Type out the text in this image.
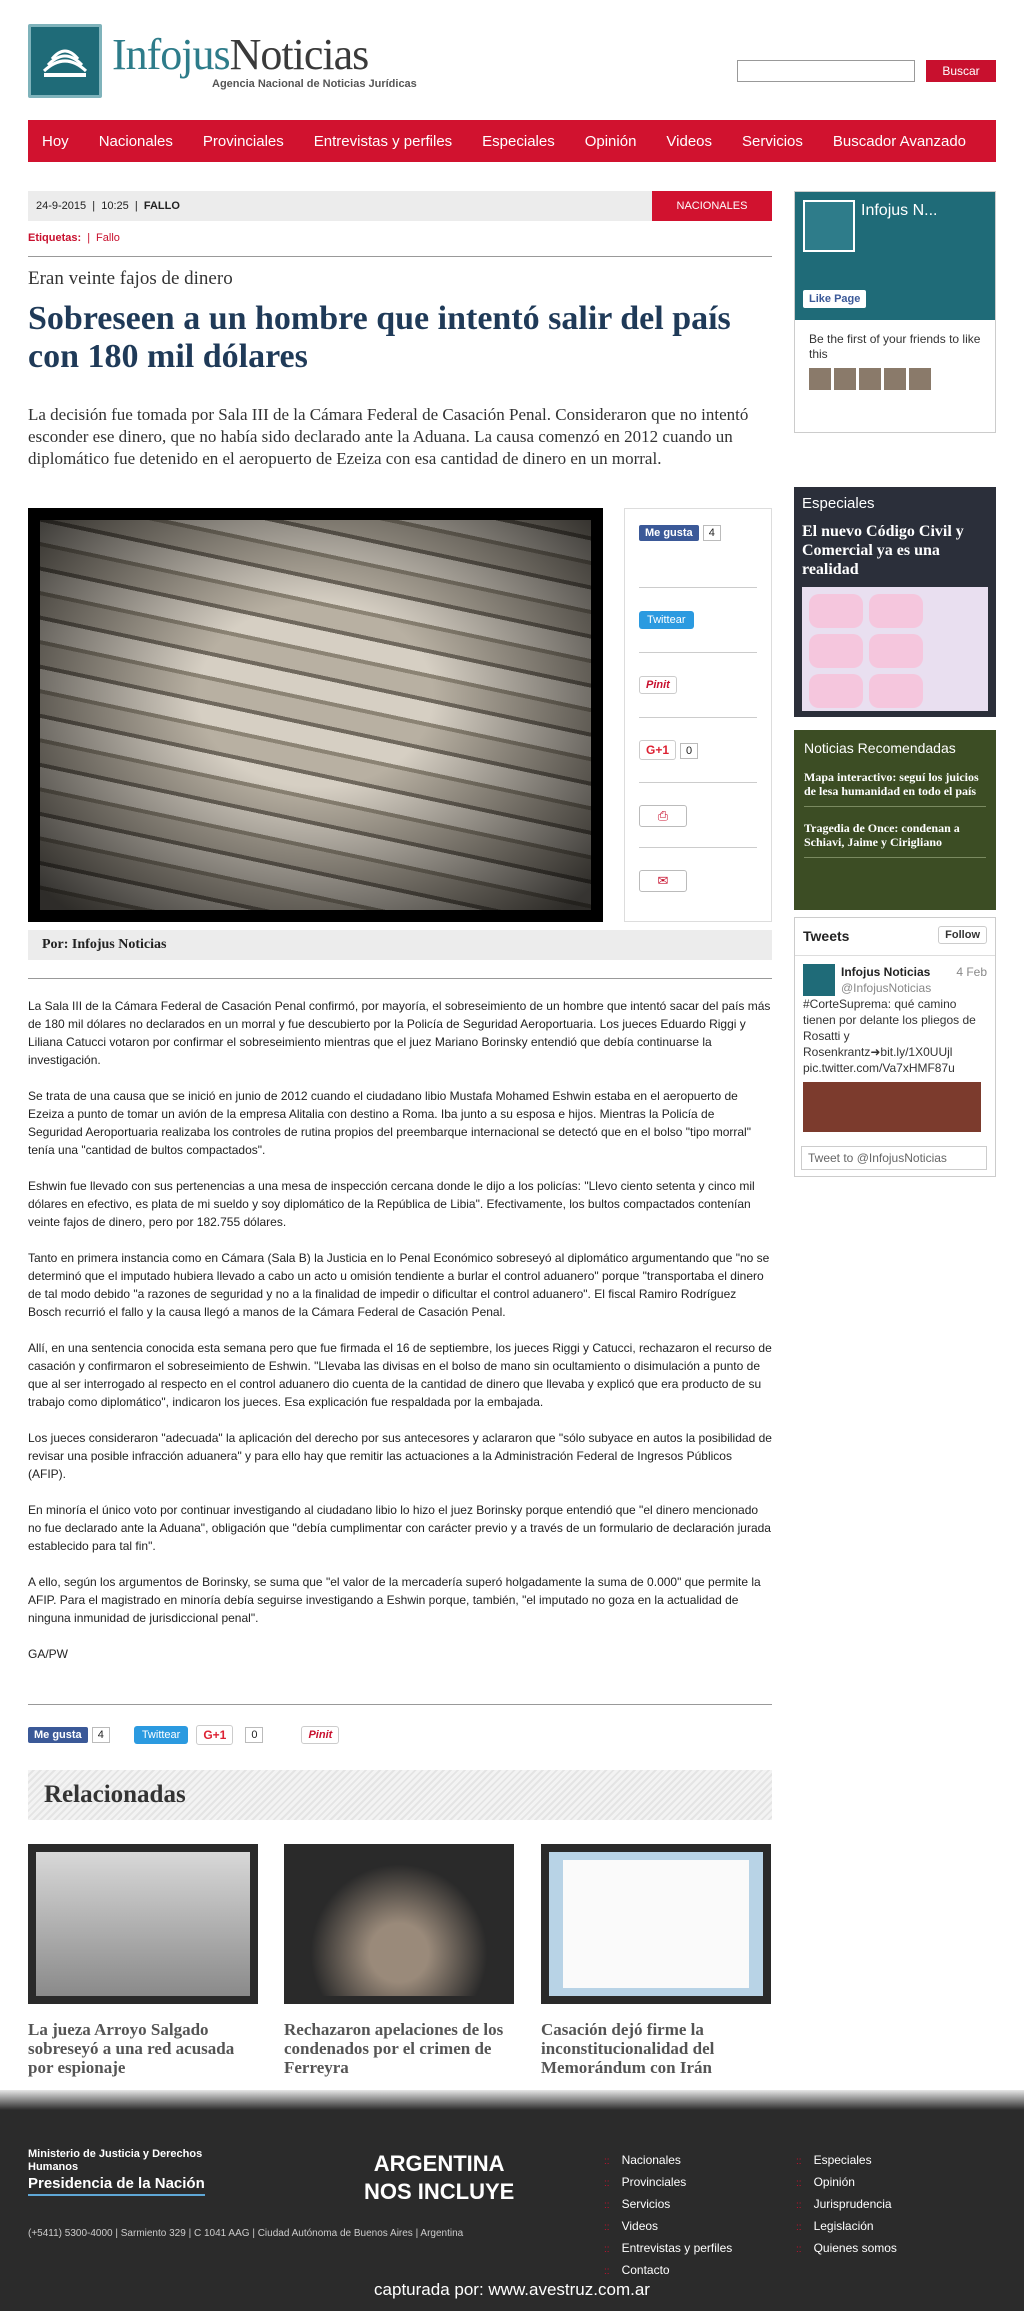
InfojusNoticias
Agencia Nacional de Noticias Jurídicas
Buscar
Hoy Nacionales Provinciales Entrevistas y perfiles Especiales Opinión Videos Servicios Buscador Avanzado
24-9-2015  |  10:25  |  FALLO	NACIONALES
Etiquetas: | Fallo
Eran veinte fajos de dinero
Sobreseen a un hombre que intentó salir del país con 180 mil dólares
La decisión fue tomada por Sala III de la Cámara Federal de Casación Penal. Consideraron que no intentó esconder ese dinero, que no había sido declarado ante la Aduana. La causa comenzó en 2012 cuando un diplomático fue detenido en el aeropuerto de Ezeiza con esa cantidad de dinero en un morral.
Me gusta 4
Twittear
Pinit
G+1 0
⎙
✉
Por: Infojus Noticias

La Sala III de la Cámara Federal de Casación Penal confirmó, por mayoría, el sobreseimiento de un hombre que intentó sacar del país más de 180 mil dólares no declarados en un morral y fue descubierto por la Policía de Seguridad Aeroportuaria. Los jueces Eduardo Riggi y Liliana Catucci votaron por confirmar el sobreseimiento mientras que el juez Mariano Borinsky entendió que debía continuarse la investigación.

Se trata de una causa que se inició en junio de 2012 cuando el ciudadano libio Mustafa Mohamed Eshwin estaba en el aeropuerto de Ezeiza a punto de tomar un avión de la empresa Alitalia con destino a Roma. Iba junto a su esposa e hijos. Mientras la Policía de Seguridad Aeroportuaria realizaba los controles de rutina propios del preembarque internacional se detectó que en el bolso "tipo morral" tenía una "cantidad de bultos compactados".

Eshwin fue llevado con sus pertenencias a una mesa de inspección cercana donde le dijo a los policías: "Llevo ciento setenta y cinco mil dólares en efectivo, es plata de mi sueldo y soy diplomático de la República de Libia". Efectivamente, los bultos compactados contenían veinte fajos de dinero, pero por 182.755 dólares.

Tanto en primera instancia como en Cámara (Sala B) la Justicia en lo Penal Económico sobreseyó al diplomático argumentando que "no se determinó que el imputado hubiera llevado a cabo un acto u omisión tendiente a burlar el control aduanero" porque "transportaba el dinero de tal modo debido "a razones de seguridad y no a la finalidad de impedir o dificultar el control aduanero". El fiscal Ramiro Rodríguez Bosch recurrió el fallo y la causa llegó a manos de la Cámara Federal de Casación Penal.

Allí, en una sentencia conocida esta semana pero que fue firmada el 16 de septiembre, los jueces Riggi y Catucci, rechazaron el recurso de casación y confirmaron el sobreseimiento de Eshwin. "Llevaba las divisas en el bolso de mano sin ocultamiento o disimulación a punto de que al ser interrogado al respecto en el control aduanero dio cuenta de la cantidad de dinero que llevaba y explicó que era producto de su trabajo como diplomático", indicaron los jueces. Esa explicación fue respaldada por la embajada.

Los jueces consideraron "adecuada" la aplicación del derecho por sus antecesores y aclararon que "sólo subyace en autos la posibilidad de revisar una posible infracción aduanera" y para ello hay que remitir las actuaciones a la Administración Federal de Ingresos Públicos (AFIP).

En minoría el único voto por continuar investigando al ciudadano libio lo hizo el juez Borinsky porque entendió que "el dinero mencionado no fue declarado ante la Aduana", obligación que "debía cumplimentar con carácter previo y a través de un formulario de declaración jurada establecido para tal fin".

A ello, según los argumentos de Borinsky, se suma que "el valor de la mercadería superó holgadamente la suma de 0.000" que permite la AFIP. Para el magistrado en minoría debía seguirse investigando a Eshwin porque, también, "el imputado no goza en la actualidad de ninguna inmunidad de jurisdiccional penal".

GA/PW

Me gusta	4	Twittear	G+1	0	Pinit
Relacionadas
La jueza Arroyo Salgado sobreseyó a una red acusada por espionaje
Rechazaron apelaciones de los condenados por el crimen de Ferreyra
Casación dejó firme la inconstitucionalidad del Memorándum con Irán
Infojus N...
Like Page
Be the first of your friends to like this
Especiales
El nuevo Código Civil y Comercial ya es una realidad
Noticias Recomendadas
Mapa interactivo: seguí los juicios de lesa humanidad en todo el país
Tragedia de Once: condenan a Schiavi, Jaime y Cirigliano
Tweets	Follow
Infojus Noticias 4 Feb
@InfojusNoticias
#CorteSuprema: qué camino tienen por delante los pliegos de Rosatti y Rosenkrantz➜bit.ly/1X0UUjl pic.twitter.com/Va7xHMF87u
Tweet to @InfojusNoticias
Ministerio de Justicia y Derechos Humanos
Presidencia de la Nación
ARGENTINA
NOS INCLUYE
(+5411) 5300-4000 | Sarmiento 329 | C 1041 AAG | Ciudad Autónoma de Buenos Aires | Argentina
:: Nacionales
:: Provinciales
:: Servicios
:: Videos
:: Entrevistas y perfiles
:: Contacto
:: Especiales
:: Opinión
:: Jurisprudencia
:: Legislación
:: Quienes somos
capturada por: www.avestruz.com.ar
